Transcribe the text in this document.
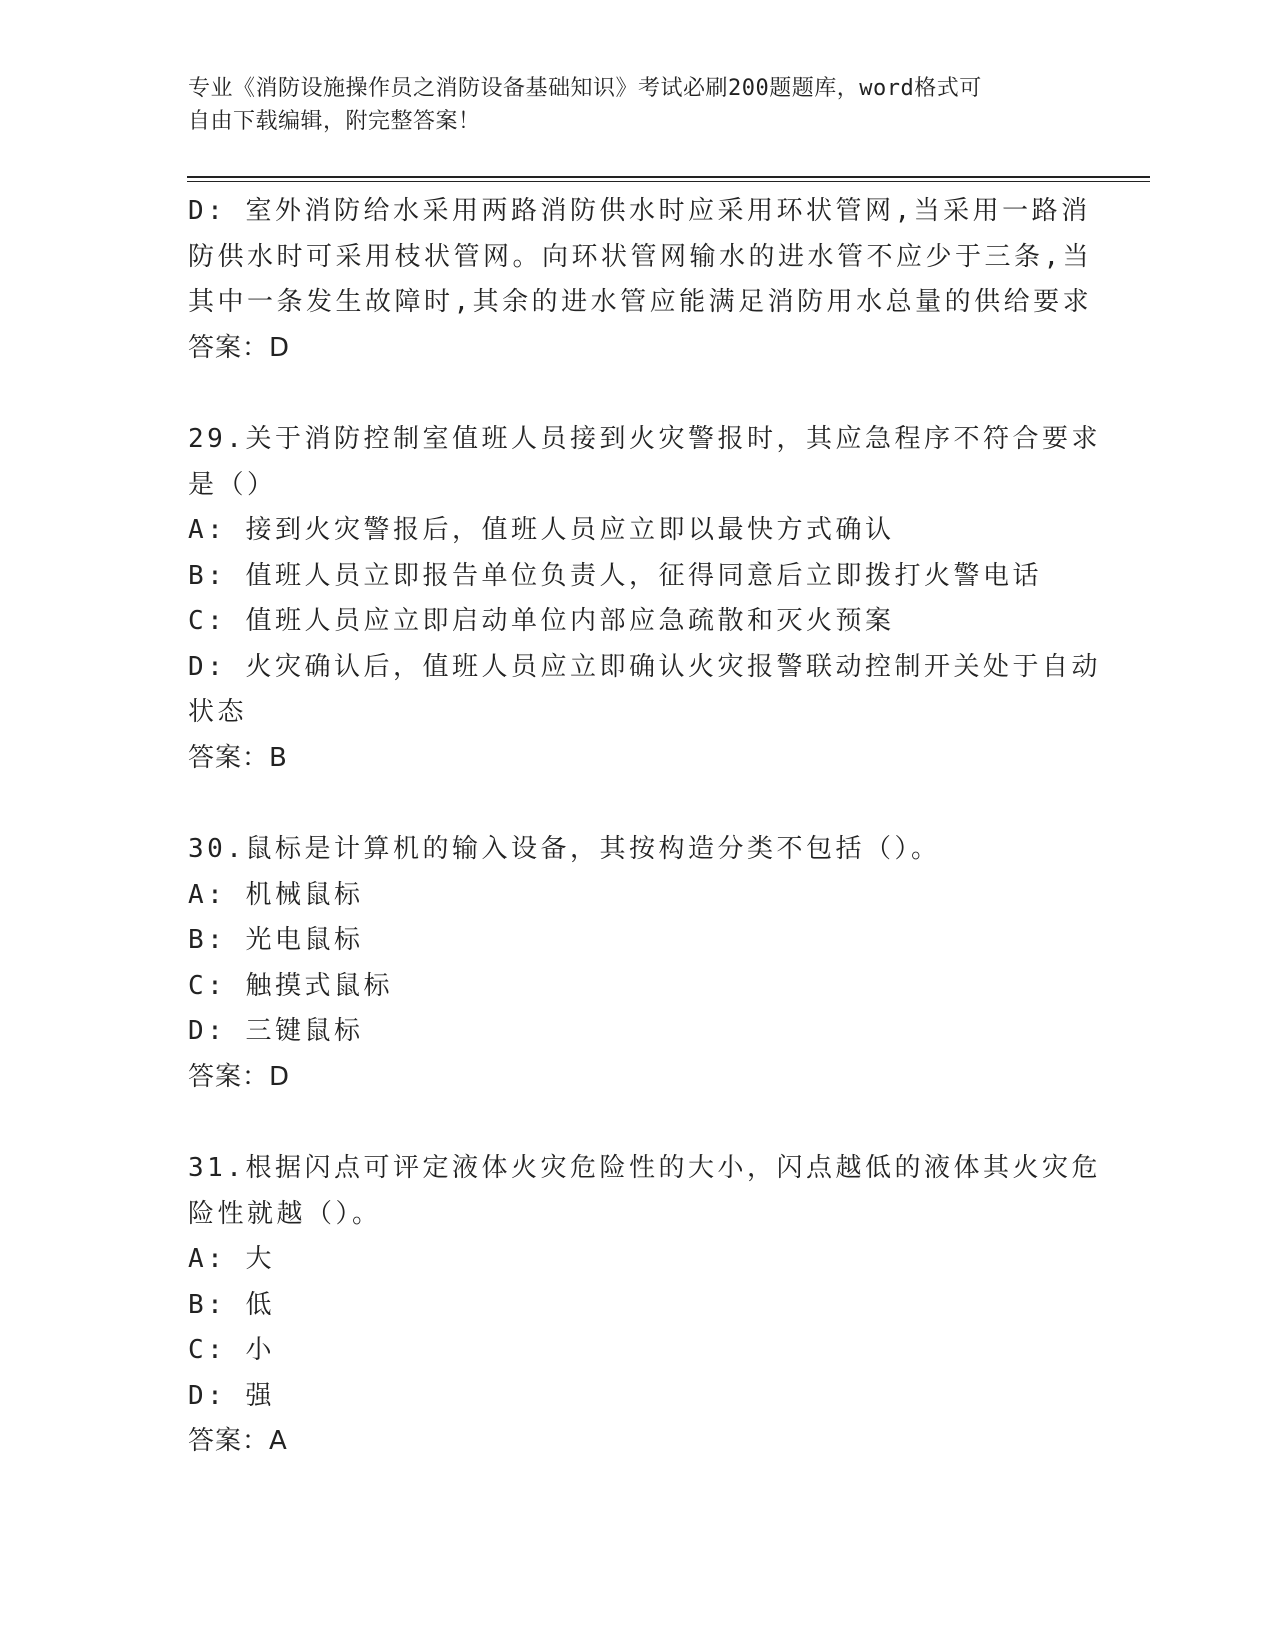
专业《消防设施操作员之消防设备基础知识》考试必刷200题题库，word格式可
自由下载编辑，附完整答案！

D: 室外消防给水采用两路消防供水时应采用环状管网,当采用一路消

防供水时可采用枝状管网。向环状管网输水的进水管不应少于三条,当

其中一条发生故障时,其余的进水管应能满足消防用水总量的供给要求

答案：D

29.关于消防控制室值班人员接到火灾警报时，其应急程序不符合要求

是（）

A: 接到火灾警报后，值班人员应立即以最快方式确认

B: 值班人员立即报告单位负责人，征得同意后立即拨打火警电话

C: 值班人员应立即启动单位内部应急疏散和灭火预案

D: 火灾确认后，值班人员应立即确认火灾报警联动控制开关处于自动

状态

答案：B

30.鼠标是计算机的输入设备，其按构造分类不包括（）。

A: 机械鼠标

B: 光电鼠标

C: 触摸式鼠标

D: 三键鼠标

答案：D

31.根据闪点可评定液体火灾危险性的大小，闪点越低的液体其火灾危

险性就越（）。

A: 大

B: 低

C: 小

D: 强

答案：A
